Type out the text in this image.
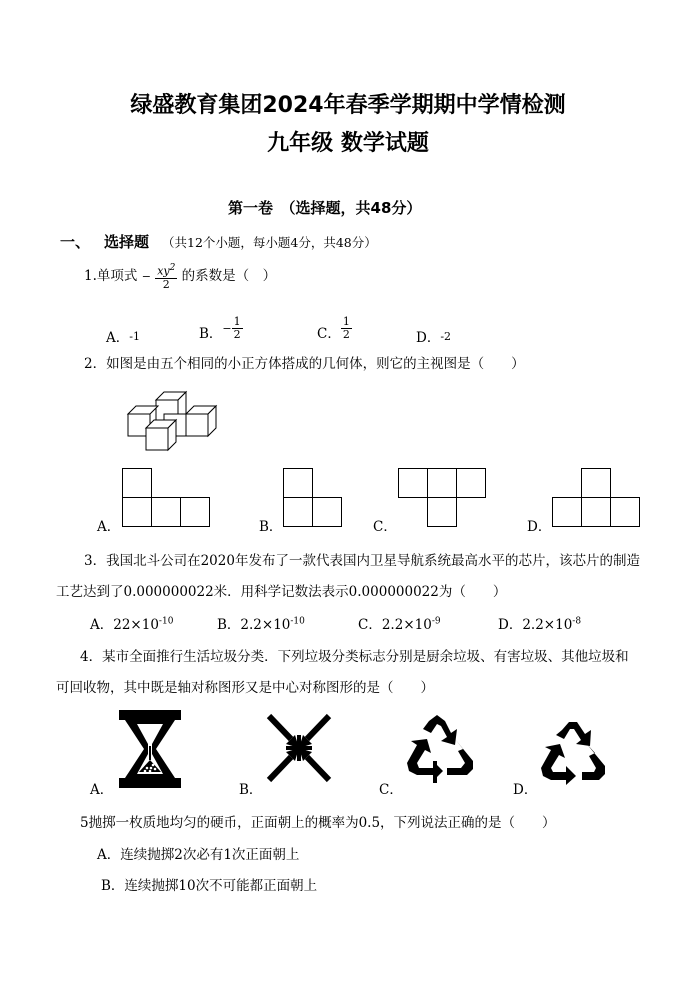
绿盛教育集团2024年春季学期期中学情检测
九年级 数学试题
第一卷　（选择题，共48分）
一、 选择题 （共12个小题，每小题4分，共48分）
1.单项式 − $\frac{xy^2}{2}$ 的系数是（　）
A．-1	B．− $\frac{1}{2}$	C． $\frac{1}{2}$	D．-2
2．如图是由五个相同的小正方体搭成的几何体，则它的主视图是（　　）
A．	B．	C．	D．
3．我国北斗公司在2020年发布了一款代表国内卫星导航系统最高水平的芯片，该芯片的制造
工艺达到了0.000000022米．用科学记数法表示0.000000022为（　　）
A．$22\times 10^{-10}$	B．$2.2\times 10^{-10}$	C．$2.2\times 10^{-9}$	D．$2.2\times 10^{-8}$
4．某市全面推行生活垃圾分类．下列垃圾分类标志分别是厨余垃圾、有害垃圾、其他垃圾和
可回收物，其中既是轴对称图形又是中心对称图形的是（　　）
A．	B．	C．	D．
5抛掷一枚质地均匀的硬币，正面朝上的概率为0.5，下列说法正确的是（　　）
A．连续抛掷2次必有1次正面朝上
B．连续抛掷10次不可能都正面朝上
